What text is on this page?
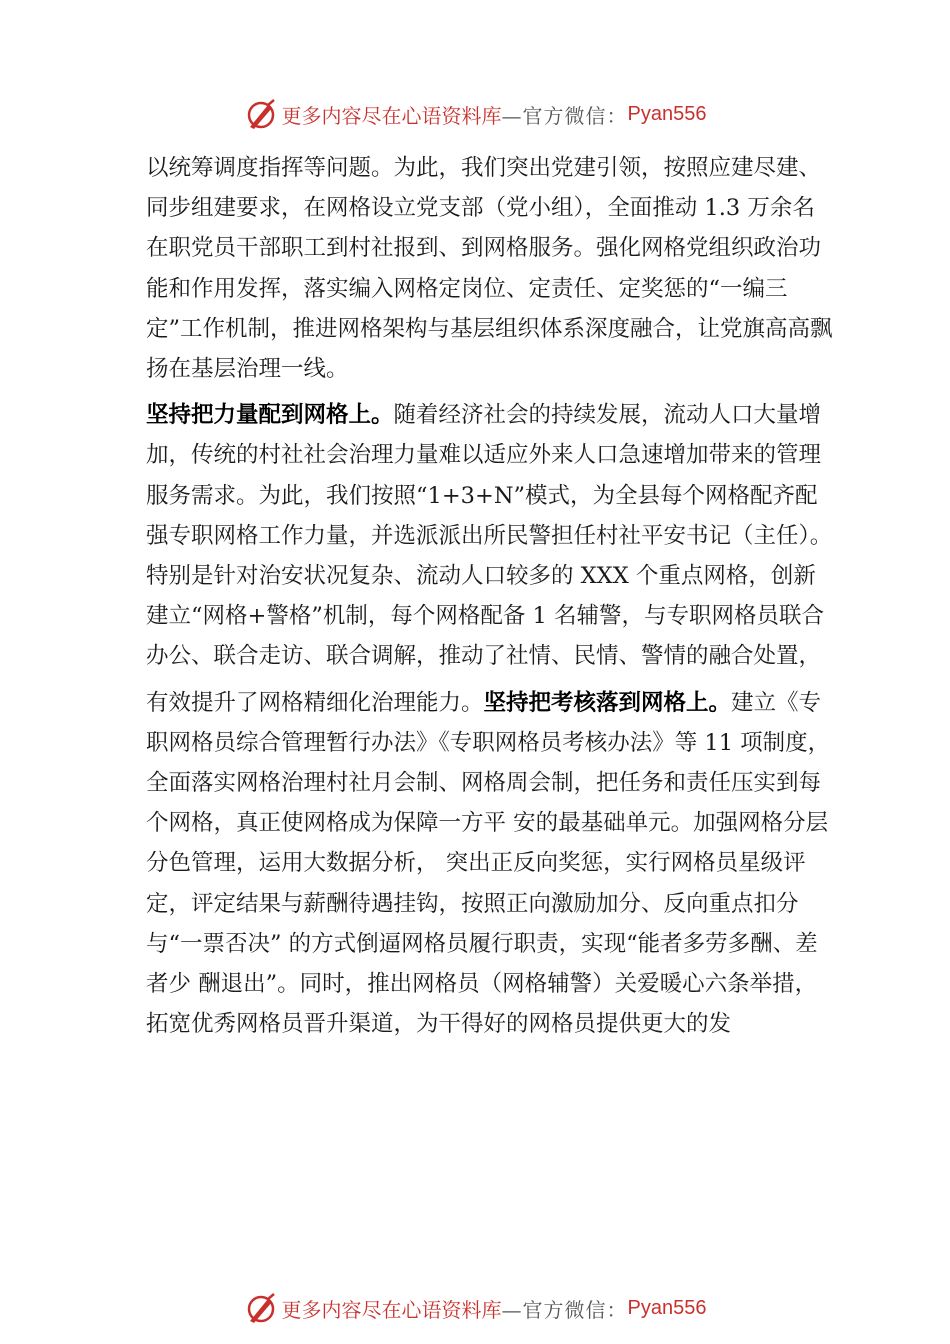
更多内容尽在心语资料库 —官方微信： Pyan556

以统筹调度指挥等问题。为此，我们突出党建引领，按照应建尽建、同步组建要求，在网格设立党支部（党小组），全面推动 1.3 万余名在职党员干部职工到村社报到、到网格服务。强化网格党组织政治功能和作用发挥，落实编入网格定岗位、定责任、定奖惩的“一编三定”工作机制，推进网格架构与基层组织体系深度融合，让党旗高高飘扬在基层治理一线。

坚持把力量配到网格上。随着经济社会的持续发展，流动人口大量增加，传统的村社社会治理力量难以适应外来人口急速增加带来的管理服务需求。为此，我们按照“1+3+N”模式，为全县每个网格配齐配强专职网格工作力量，并选派派出所民警担任村社平安书记（主任）。特别是针对治安状况复杂、流动人口较多的 XXX 个重点网格，创新建立“网格+警格”机制，每个网格配备 1 名辅警，与专职网格员联合办公、联合走访、联合调解，推动了社情、民情、警情的融合处置，

有效提升了网格精细化治理能力。坚持把考核落到网格上。建立《专职网格员综合管理暂行办法》《专职网格员考核办法》等 11 项制度，全面落实网格治理村社月会制、网格周会制，把任务和责任压实到每个网格，真正使网格成为保障一方平 安的最基础单元。加强网格分层分色管理，运用大数据分析， 突出正反向奖惩，实行网格员星级评定，评定结果与薪酬待遇挂钩，按照正向激励加分、反向重点扣分与“一票否决” 的方式倒逼网格员履行职责，实现“能者多劳多酬、差者少 酬退出”。同时，推出网格员（网格辅警）关爱暖心六条举措， 拓宽优秀网格员晋升渠道，为干得好的网格员提供更大的发

更多内容尽在心语资料库 —官方微信： Pyan556
